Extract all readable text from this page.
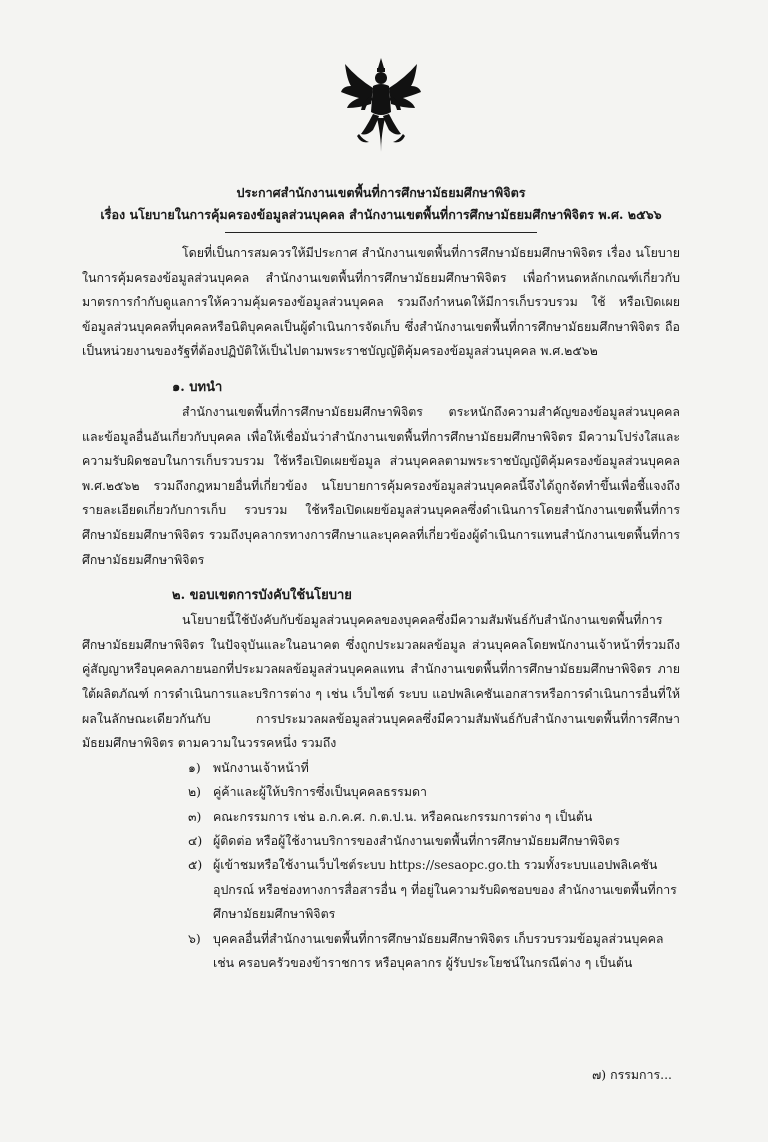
ประกาศสำนักงานเขตพื้นที่การศึกษามัธยมศึกษาพิจิตร
เรื่อง นโยบายในการคุ้มครองข้อมูลส่วนบุคคล สำนักงานเขตพื้นที่การศึกษามัธยมศึกษาพิจิตร พ.ศ. ๒๕๖๖

โดยที่เป็นการสมควรให้มีประกาศ สำนักงานเขตพื้นที่การศึกษามัธยมศึกษาพิจิตร เรื่อง นโยบายในการคุ้มครองข้อมูลส่วนบุคคล สำนักงานเขตพื้นที่การศึกษามัธยมศึกษาพิจิตร เพื่อกำหนดหลักเกณฑ์เกี่ยวกับมาตรการกำกับดูแลการให้ความคุ้มครองข้อมูลส่วนบุคคล รวมถึงกำหนดให้มีการเก็บรวบรวม ใช้ หรือเปิดเผย ข้อมูลส่วนบุคคลที่บุคคลหรือนิติบุคคลเป็นผู้ดำเนินการจัดเก็บ ซึ่งสำนักงานเขตพื้นที่การศึกษามัธยมศึกษาพิจิตร ถือเป็นหน่วยงานของรัฐที่ต้องปฏิบัติให้เป็นไปตามพระราชบัญญัติคุ้มครองข้อมูลส่วนบุคคล พ.ศ.๒๕๖๒

๑. บทนำ

สำนักงานเขตพื้นที่การศึกษามัธยมศึกษาพิจิตร ตระหนักถึงความสำคัญของข้อมูลส่วนบุคคลและข้อมูลอื่นอันเกี่ยวกับบุคคล เพื่อให้เชื่อมั่นว่าสำนักงานเขตพื้นที่การศึกษามัธยมศึกษาพิจิตร มีความโปร่งใสและความรับผิดชอบในการเก็บรวบรวม ใช้หรือเปิดเผยข้อมูล ส่วนบุคคลตามพระราชบัญญัติคุ้มครองข้อมูลส่วนบุคคล พ.ศ.๒๕๖๒ รวมถึงกฎหมายอื่นที่เกี่ยวข้อง นโยบายการคุ้มครองข้อมูลส่วนบุคคลนี้จึงได้ถูกจัดทำขึ้นเพื่อชี้แจงถึงรายละเอียดเกี่ยวกับการเก็บ รวบรวม ใช้หรือเปิดเผยข้อมูลส่วนบุคคลซึ่งดำเนินการโดยสำนักงานเขตพื้นที่การศึกษามัธยมศึกษาพิจิตร รวมถึงบุคลากรทางการศึกษาและบุคคลที่เกี่ยวข้องผู้ดำเนินการแทนสำนักงานเขตพื้นที่การศึกษามัธยมศึกษาพิจิตร

๒. ขอบเขตการบังคับใช้นโยบาย

นโยบายนี้ใช้บังคับกับข้อมูลส่วนบุคคลของบุคคลซึ่งมีความสัมพันธ์กับสำนักงานเขตพื้นที่การศึกษามัธยมศึกษาพิจิตร ในปัจจุบันและในอนาคต ซึ่งถูกประมวลผลข้อมูล ส่วนบุคคลโดยพนักงานเจ้าหน้าที่รวมถึงคู่สัญญาหรือบุคคลภายนอกที่ประมวลผลข้อมูลส่วนบุคคลแทน สำนักงานเขตพื้นที่การศึกษามัธยมศึกษาพิจิตร ภายใต้ผลิตภัณฑ์ การดำเนินการและบริการต่าง ๆ เช่น เว็บไซต์ ระบบ แอปพลิเคชันเอกสารหรือการดำเนินการอื่นที่ให้ผลในลักษณะเดียวกันกับ การประมวลผลข้อมูลส่วนบุคคลซึ่งมีความสัมพันธ์กับสำนักงานเขตพื้นที่การศึกษามัธยมศึกษาพิจิตร ตามความในวรรคหนึ่ง รวมถึง

๑) พนักงานเจ้าหน้าที่
๒) คู่ค้าและผู้ให้บริการซึ่งเป็นบุคคลธรรมดา
๓) คณะกรรมการ เช่น อ.ก.ค.ศ. ก.ต.ป.น. หรือคณะกรรมการต่าง ๆ เป็นต้น
๔) ผู้ติดต่อ หรือผู้ใช้งานบริการของสำนักงานเขตพื้นที่การศึกษามัธยมศึกษาพิจิตร
๕) ผู้เข้าชมหรือใช้งานเว็บไซต์ระบบ https://sesaopc.go.th รวมทั้งระบบแอปพลิเคชันอุปกรณ์ หรือช่องทางการสื่อสารอื่น ๆ ที่อยู่ในความรับผิดชอบของ สำนักงานเขตพื้นที่การศึกษามัธยมศึกษาพิจิตร
๖) บุคคลอื่นที่สำนักงานเขตพื้นที่การศึกษามัธยมศึกษาพิจิตร เก็บรวบรวมข้อมูลส่วนบุคคลเช่น ครอบครัวของข้าราชการ หรือบุคลากร ผู้รับประโยชน์ในกรณีต่าง ๆ เป็นต้น
๗) กรรมการ...
